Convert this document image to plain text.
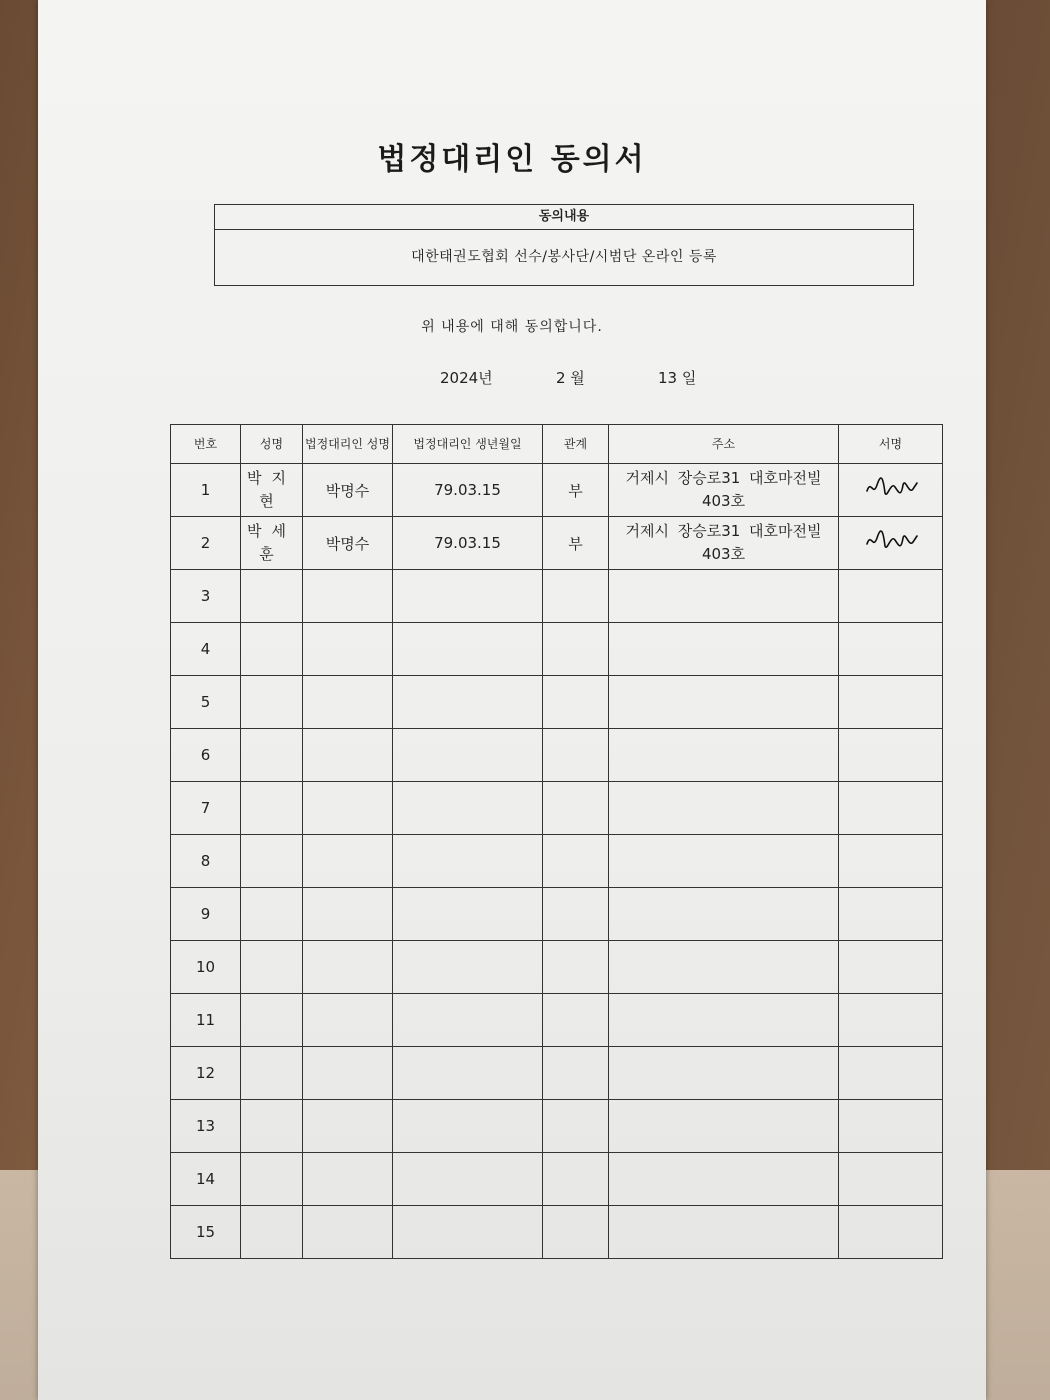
법정대리인 동의서
동의내용
대한태권도협회 선수/봉사단/시범단 온라인 등록
위 내용에 대해 동의합니다.
2024년	2 월	13 일
번호	성명	법정대리인 성명	법정대리인 생년월일	관계	주소	서명
1	박지현	박명수	79.03.15	부	거제시 장승로31 대호마전빌 403호	
2	박세훈	박명수	79.03.15	부	거제시 장승로31 대호마전빌 403호	
3						
4						
5						
6						
7						
8						
9						
10						
11						
12						
13						
14						
15						
